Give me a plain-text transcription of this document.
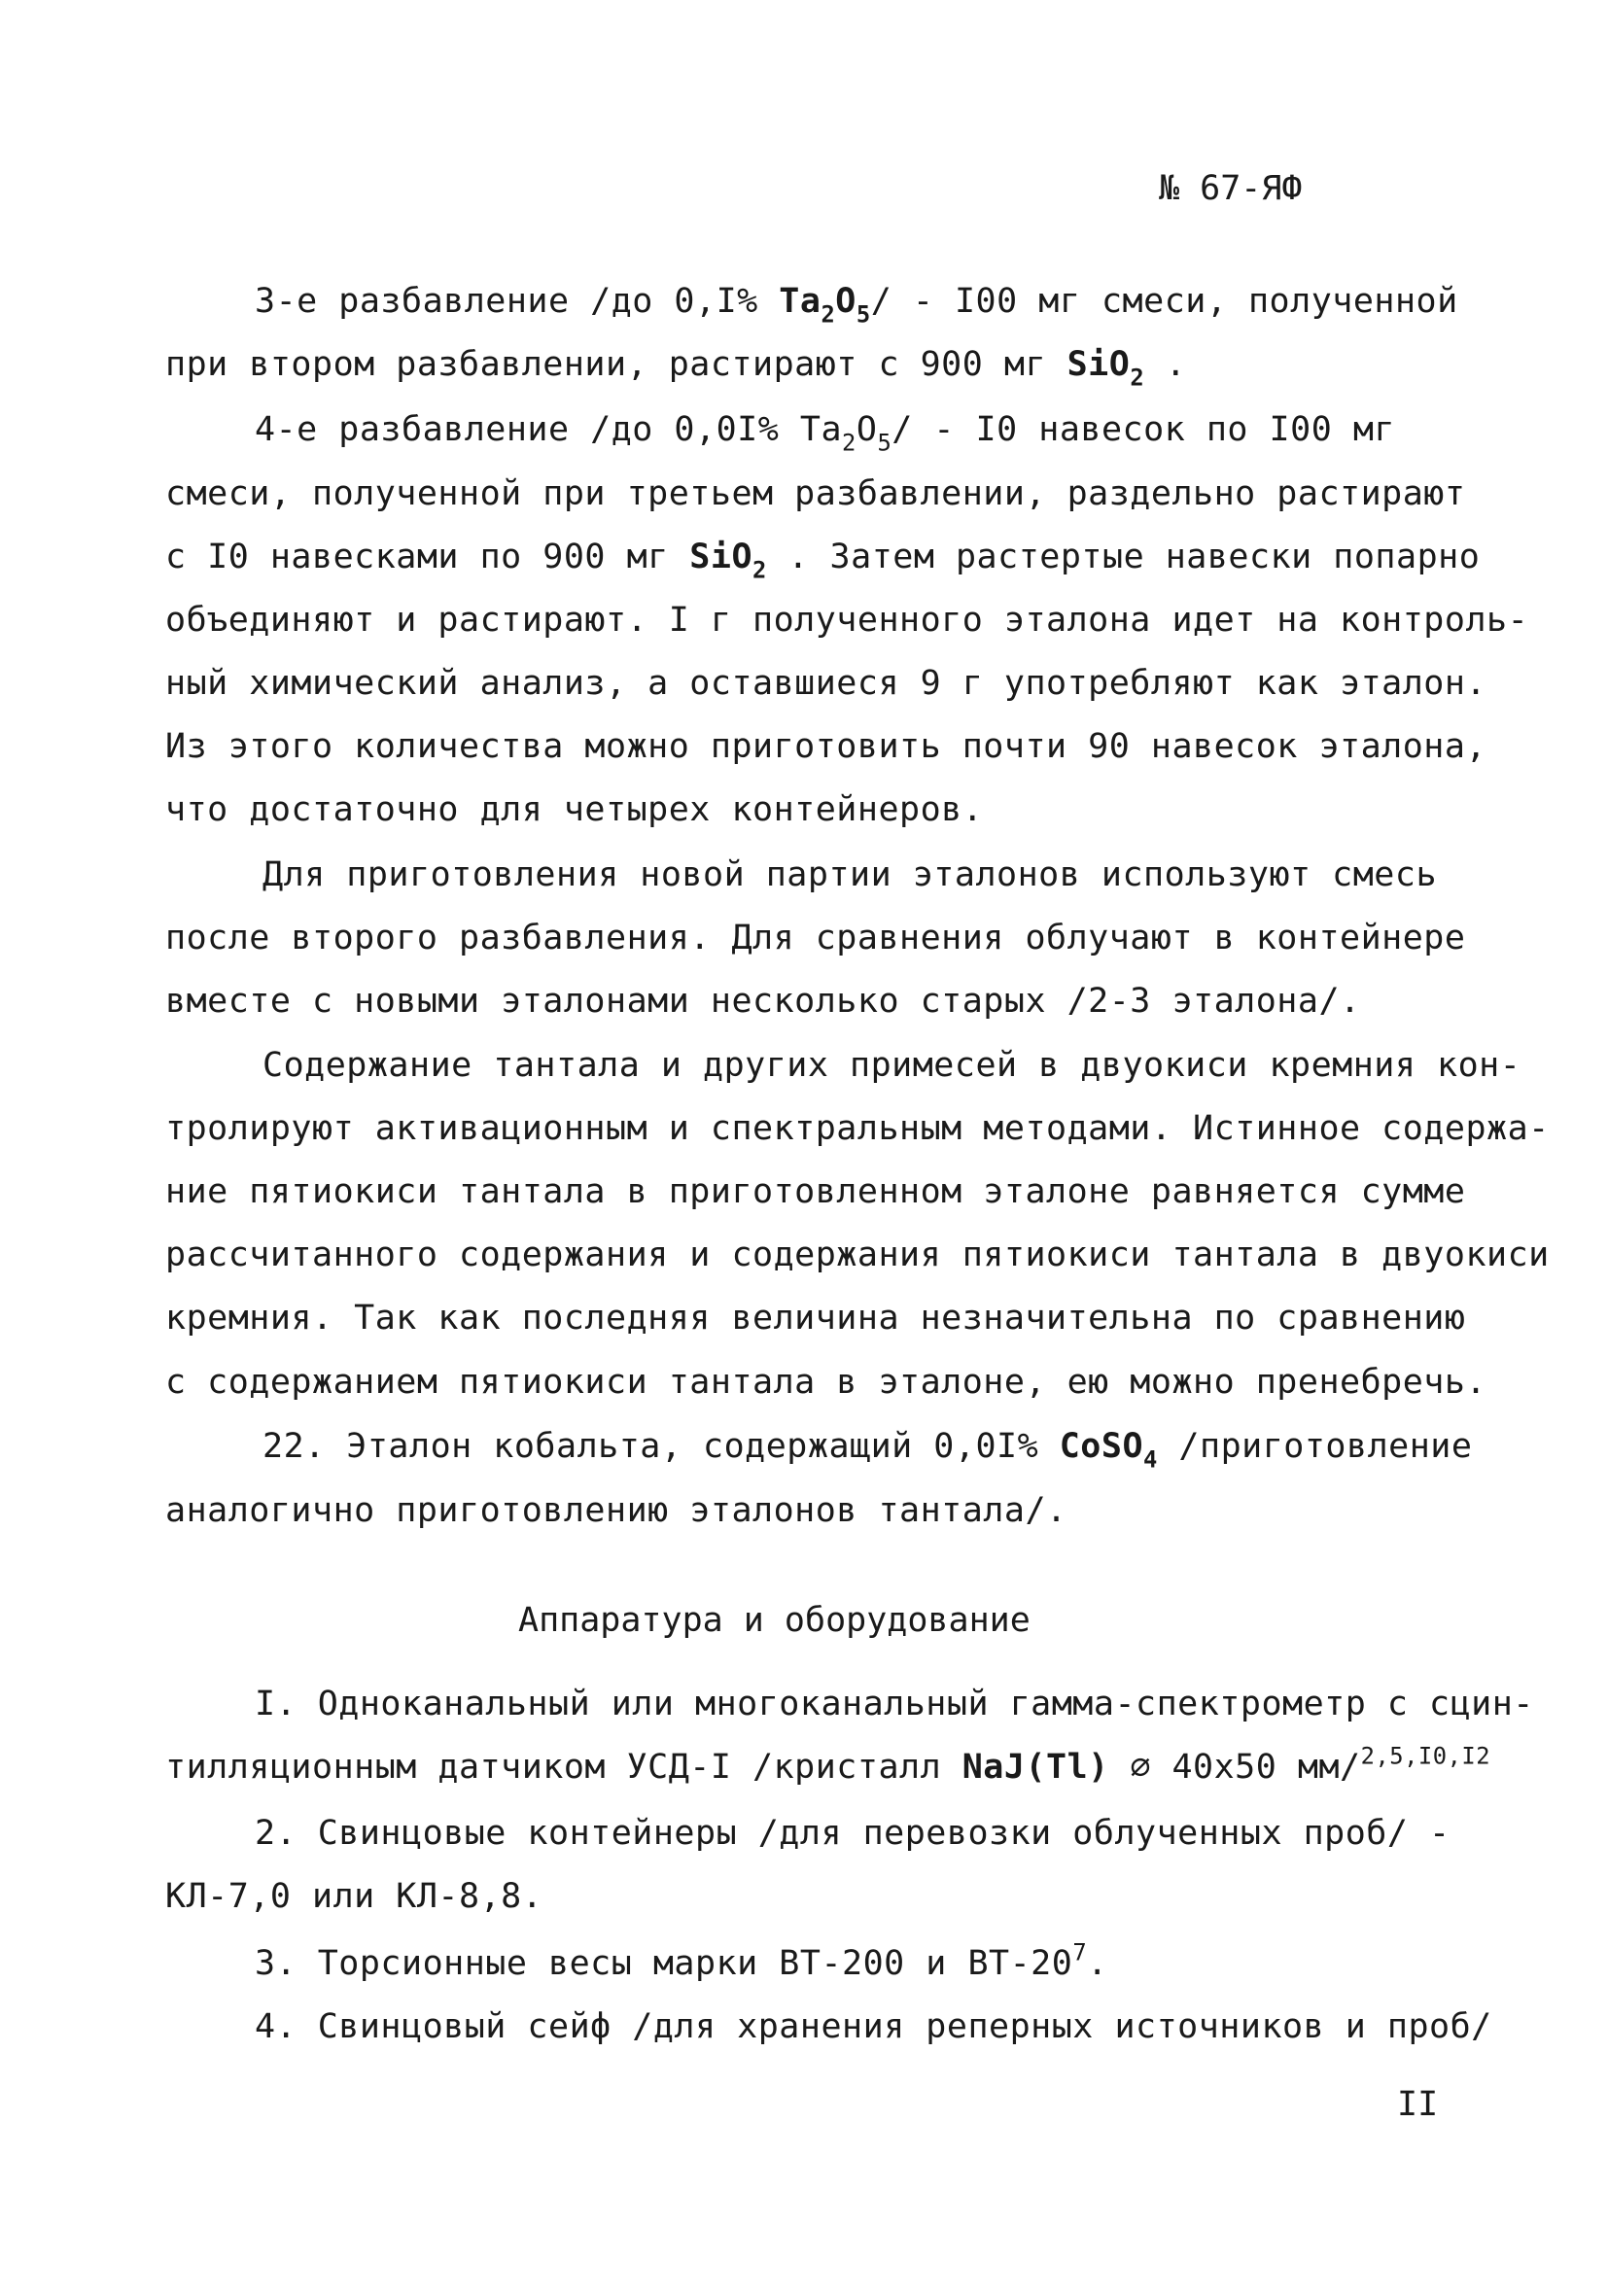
№ 67-ЯФ
3-е разбавление /до 0,I% $Ta_2O_5/ - I00$ мг смеси, полученной
при втором разбавлении, растирают с 900 мг SiO$_2$ .
4-е разбавление /до 0,0I% $Ta_2O_5/ - I0$ навесок по I00 мг
смеси, полученной при третьем разбавлении, раздельно растирают
с I0 навесками по 900 мг SiO$_2$ . Затем растертые навески попарно
объединяют и растирают. I г полученного эталона идет на контроль-
ный химический анализ, а оставшиеся 9 г употребляют как эталон.
Из этого количества можно приготовить почти 90 навесок эталона,
что достаточно для четырех контейнеров.
Для приготовления новой партии эталонов используют смесь
после второго разбавления. Для сравнения облучают в контейнере
вместе с новыми эталонами несколько старых /2-3 эталона/.
Содержание тантала и других примесей в двуокиси кремния кон-
тролируют активационным и спектральным методами. Истинное содержа-
ние пятиокиси тантала в приготовленном эталоне равняется сумме
рассчитанного содержания и содержания пятиокиси тантала в двуокиси
кремния. Так как последняя величина незначительна по сравнению
с содержанием пятиокиси тантала в эталоне, ею можно пренебречь.
22. Эталон кобальта, содержащий 0,0I% CoSO$_4$ /приготовление
аналогично приготовлению эталонов тантала/.
Аппаратура и оборудование
I. Одноканальный или многоканальный гамма-спектрометр с сцин-
тилляционным датчиком УСД-I /кристалл NaJ(Tl) ⌀ 40x50 мм/$^{2,5,I0,I2}$
2. Свинцовые контейнеры /для перевозки облученных проб/ -
КЛ-7,0 или КЛ-8,8.
3. Торсионные весы марки ВТ-200 и $ВТ-20^7$.
4. Свинцовый сейф /для хранения реперных источников и проб/
II
